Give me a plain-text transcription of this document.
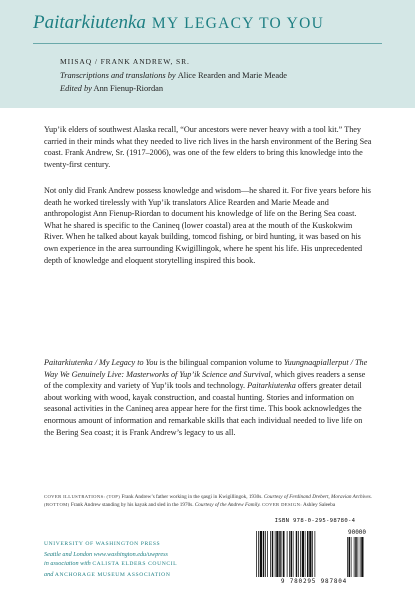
Paitarkiutenka MY LEGACY TO YOU
MIISAQ / FRANK ANDREW, SR.
Transcriptions and translations by Alice Rearden and Marie Meade
Edited by Ann Fienup-Riordan
Yup’ik elders of southwest Alaska recall, “Our ancestors were never heavy with a tool kit.” They carried in their minds what they needed to live rich lives in the harsh environment of the Bering Sea coast. Frank Andrew, Sr. (1917–2006), was one of the few elders to bring this knowledge into the twenty-first century.
Not only did Frank Andrew possess knowledge and wisdom—he shared it. For five years before his death he worked tirelessly with Yup’ik translators Alice Rearden and Marie Meade and anthropologist Ann Fienup-Riordan to document his knowledge of life on the Bering Sea coast. What he shared is specific to the Canineq (lower coastal) area at the mouth of the Kuskokwim River. When he talked about kayak building, tomcod fishing, or bird hunting, it was based on his own experience in the area surrounding Kwigillingok, where he spent his life. His unprecedented depth of knowledge and eloquent storytelling inspired this book.
Paitarkiutenka / My Legacy to You is the bilingual companion volume to Yuungnaqpiallerput / The Way We Genuinely Live: Masterworks of Yup’ik Science and Survival, which gives readers a sense of the complexity and variety of Yup’ik tools and technology. Paitarkiutenka offers greater detail about working with wood, kayak construction, and coastal hunting. Stories and information on seasonal activities in the Canineq area appear here for the first time. This book acknowledges the enormous amount of information and remarkable skills that each individual needed to live life on the Bering Sea coast; it is Frank Andrew’s legacy to us all.
COVER ILLUSTRATIONS: (TOP) Frank Andrew’s father working in the qasgi in Kwigillingok, 1930s. Courtesy of Ferdinand Drebert, Moravian Archives. (BOTTOM) Frank Andrew standing by his kayak and sled in the 1970s. Courtesy of the Andrew Family. COVER DESIGN: Ashley Saleeba
UNIVERSITY OF WASHINGTON PRESS
Seattle and London www.washington.edu/uwpress
in association with CALISTA ELDERS COUNCIL
and ANCHORAGE MUSEUM ASSOCIATION
ISBN 978-0-295-98780-4
90000
9 780295 987804
